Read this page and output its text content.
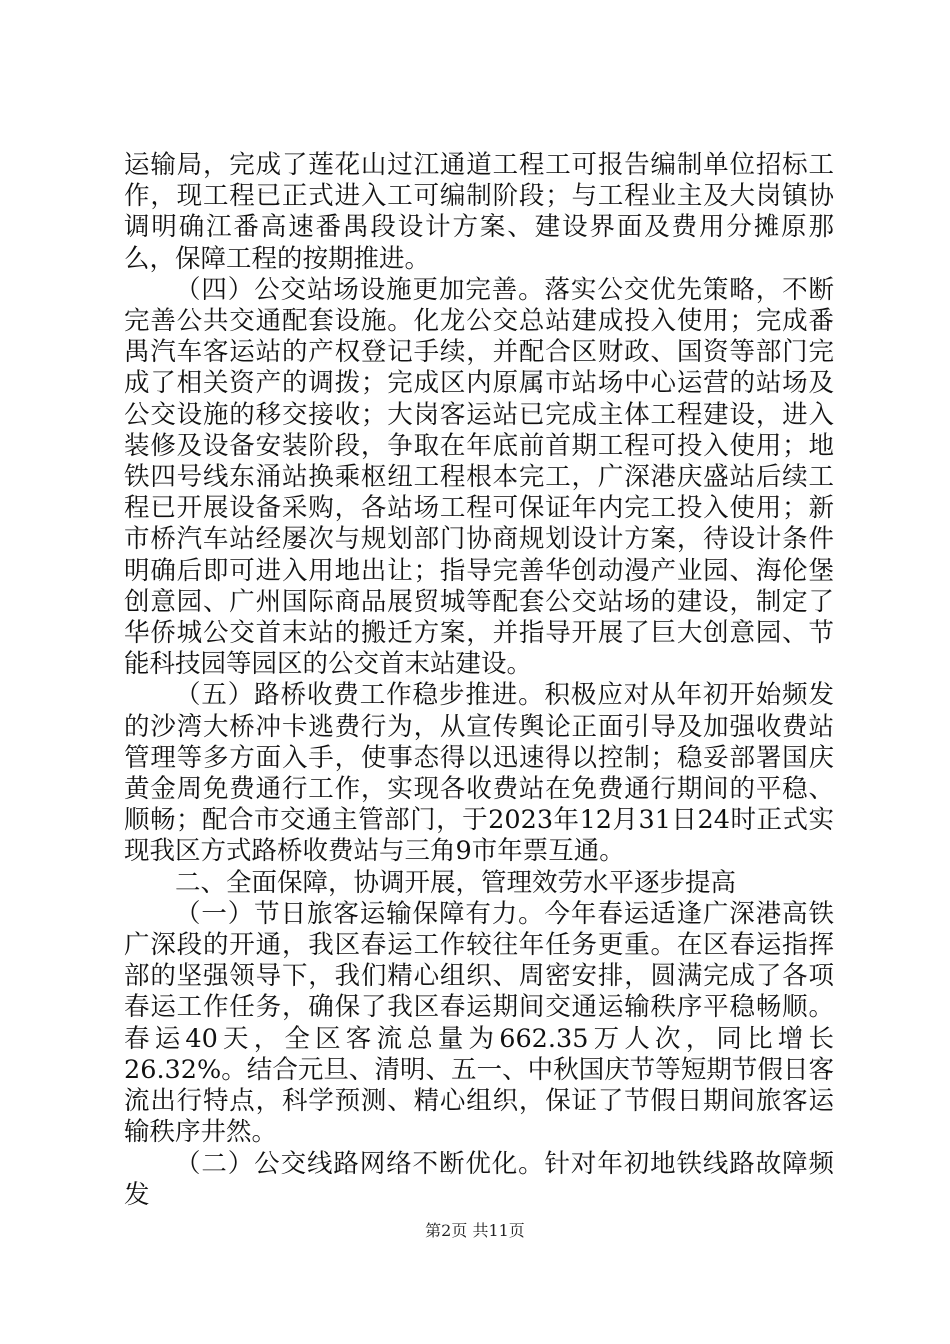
运输局，完成了莲花山过江通道工程工可报告编制单位招标工作，现工程已正式进入工可编制阶段；与工程业主及大岗镇协调明确江番高速番禺段设计方案、建设界面及费用分摊原那么，保障工程的按期推进。

（四）公交站场设施更加完善。落实公交优先策略，不断完善公共交通配套设施。化龙公交总站建成投入使用；完成番禺汽车客运站的产权登记手续，并配合区财政、国资等部门完成了相关资产的调拨；完成区内原属市站场中心运营的站场及公交设施的移交接收；大岗客运站已完成主体工程建设，进入装修及设备安装阶段，争取在年底前首期工程可投入使用；地铁四号线东涌站换乘枢纽工程根本完工，广深港庆盛站后续工程已开展设备采购，各站场工程可保证年内完工投入使用；新市桥汽车站经屡次与规划部门协商规划设计方案，待设计条件明确后即可进入用地出让；指导完善华创动漫产业园、海伦堡创意园、广州国际商品展贸城等配套公交站场的建设，制定了华侨城公交首末站的搬迁方案，并指导开展了巨大创意园、节能科技园等园区的公交首末站建设。

（五）路桥收费工作稳步推进。积极应对从年初开始频发的沙湾大桥冲卡逃费行为，从宣传舆论正面引导及加强收费站管理等多方面入手，使事态得以迅速得以控制；稳妥部署国庆黄金周免费通行工作，实现各收费站在免费通行期间的平稳、顺畅；配合市交通主管部门，于2023年12月31日24时正式实现我区方式路桥收费站与三角9市年票互通。

二、全面保障，协调开展，管理效劳水平逐步提高

（一）节日旅客运输保障有力。今年春运适逢广深港高铁广深段的开通，我区春运工作较往年任务更重。在区春运指挥部的坚强领导下，我们精心组织、周密安排，圆满完成了各项春运工作任务，确保了我区春运期间交通运输秩序平稳畅顺。春运40天，全区客流总量为662.35万人次，同比增长26.32%。结合元旦、清明、五一、中秋国庆节等短期节假日客流出行特点，科学预测、精心组织，保证了节假日期间旅客运输秩序井然。

（二）公交线路网络不断优化。针对年初地铁线路故障频发

第2页 共11页
